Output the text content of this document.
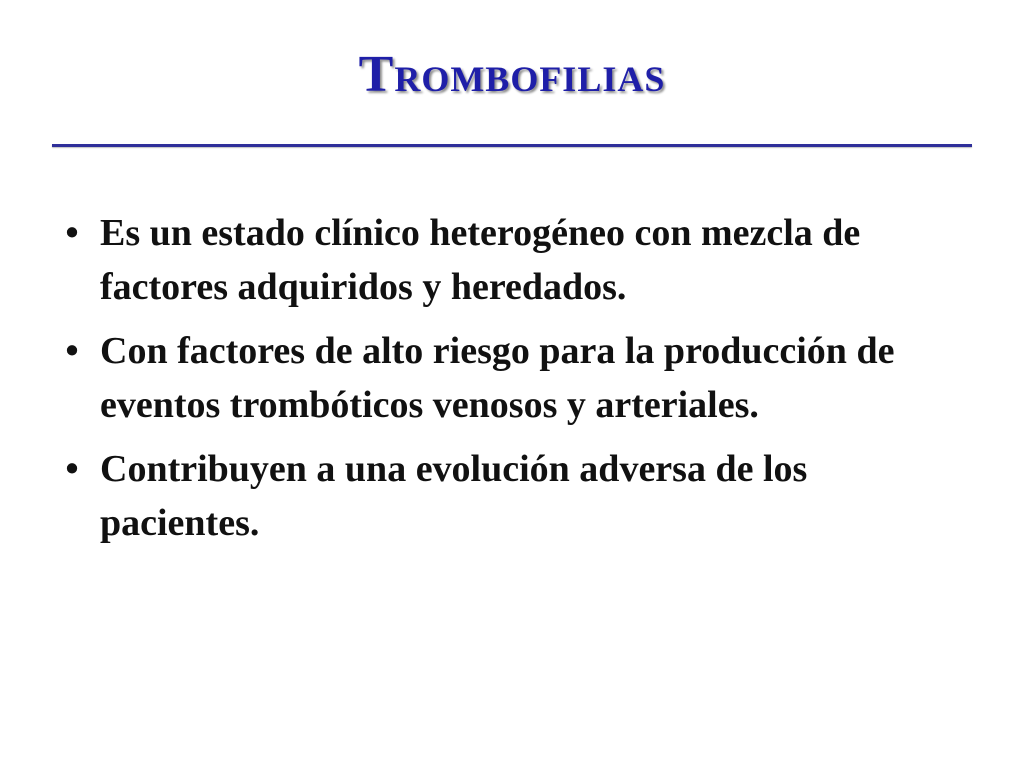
Trombofilias
• Es un estado clínico heterogéneo con mezcla de factores adquiridos y heredados.
• Con factores de alto riesgo para la producción de eventos trombóticos venosos y arteriales.
• Contribuyen a una evolución adversa de los pacientes.
